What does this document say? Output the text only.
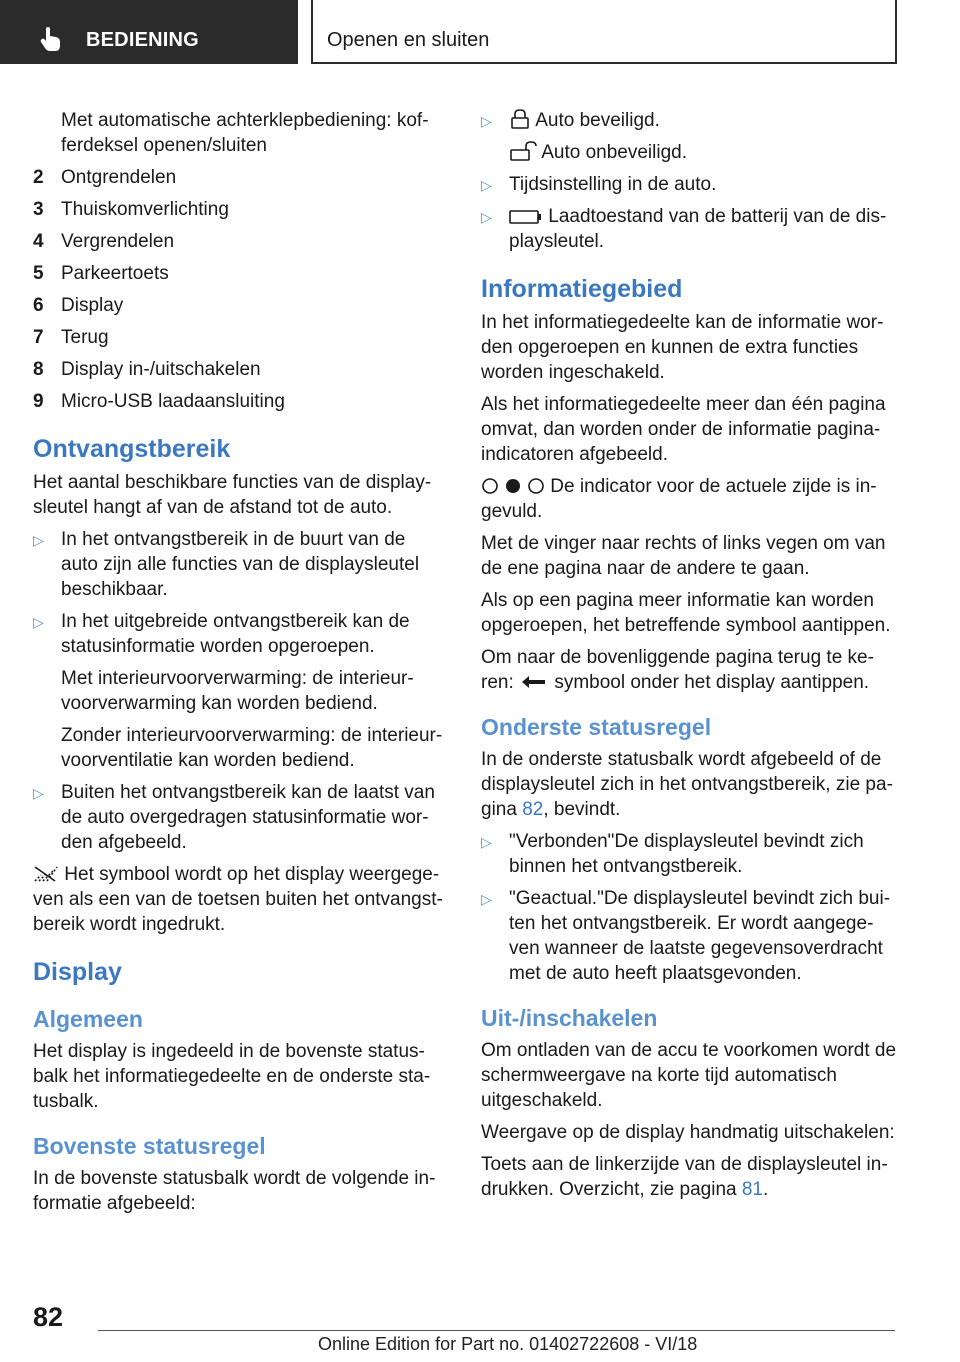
BEDIENING	Openen en sluiten

Met automatische achterklepbediening: kofferdeksel openen/sluiten

2 Ontgrendelen
3 Thuiskomverlichting
4 Vergrendelen
5 Parkeertoets
6 Display
7 Terug
8 Display in-/uitschakelen
9 Micro-USB laadaansluiting
Ontvangstbereik

Het aantal beschikbare functies van de displaysleutel hangt af van de afstand tot de auto.

▷ In het ontvangstbereik in de buurt van de auto zijn alle functies van de displaysleutel beschikbaar.
▷ In het uitgebreide ontvangstbereik kan de statusinformatie worden opgeroepen.

Met interieurvoorverwarming: de interieurvoorverwarming kan worden bediend.

Zonder interieurvoorverwarming: de interieurvoorventilatie kan worden bediend.

▷ Buiten het ontvangstbereik kan de laatst van de auto overgedragen statusinformatie worden afgebeeld.

Het symbool wordt op het display weergegeven als een van de toetsen buiten het ontvangstbereik wordt ingedrukt.

Display
Algemeen

Het display is ingedeeld in de bovenste statusbalk het informatiegedeelte en de onderste statusbalk.

Bovenste statusregel

In de bovenste statusbalk wordt de volgende informatie afgebeeld:

▷ Auto beveiligd.

Auto onbeveiligd.

▷ Tijdsinstelling in de auto.
▷	Laadtoestand van de batterij van de displaysleutel.
Informatiegebied

In het informatiegedeelte kan de informatie worden opgeroepen en kunnen de extra functies worden ingeschakeld.

Als het informatiegedeelte meer dan één pagina omvat, dan worden onder de informatie paginaindicatoren afgebeeld.

De indicator voor de actuele zijde is ingevuld.

Met de vinger naar rechts of links vegen om van de ene pagina naar de andere te gaan.

Als op een pagina meer informatie kan worden opgeroepen, het betreffende symbool aantippen.

Om naar de bovenliggende pagina terug te keren: symbool onder het display aantippen.

Onderste statusregel

In de onderste statusbalk wordt afgebeeld of de displaysleutel zich in het ontvangstbereik, zie pagina 82, bevindt.

▷ "Verbonden"De displaysleutel bevindt zich binnen het ontvangstbereik.
▷ "Geactual."De displaysleutel bevindt zich buiten het ontvangstbereik. Er wordt aangegeven wanneer de laatste gegevensoverdracht met de auto heeft plaatsgevonden.
Uit-/inschakelen

Om ontladen van de accu te voorkomen wordt de schermweergave na korte tijd automatisch uitgeschakeld.

Weergave op de display handmatig uitschakelen:

Toets aan de linkerzijde van de displaysleutel indrukken. Overzicht, zie pagina 81.

82
Online Edition for Part no. 01402722608 - VI/18
